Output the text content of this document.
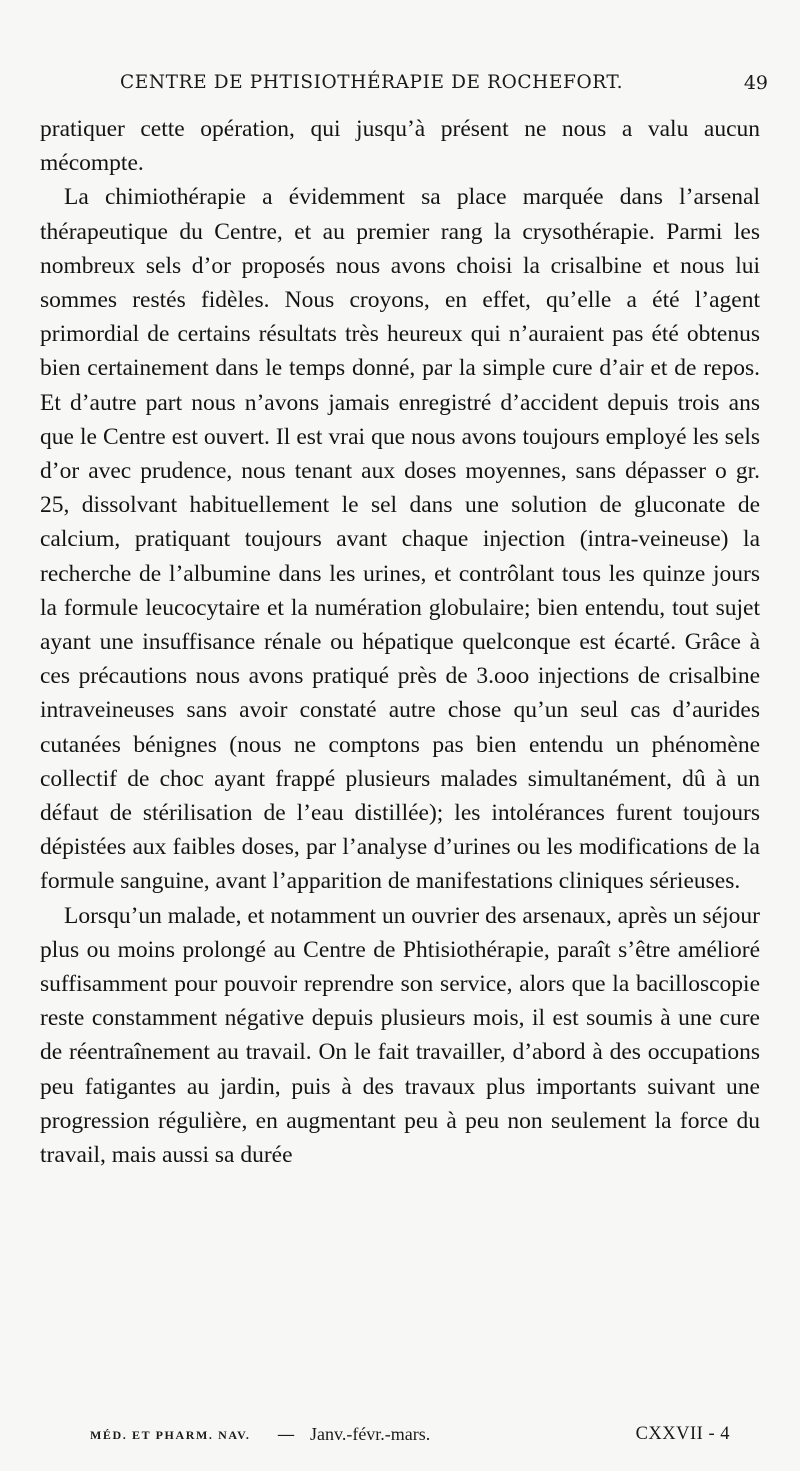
CENTRE DE PHTISIOTHÉRAPIE DE ROCHEFORT.	49

pratiquer cette opération, qui jusqu’à présent ne nous a valu aucun mécompte.

La chimiothérapie a évidemment sa place marquée dans l’arsenal thérapeutique du Centre, et au premier rang la crysothérapie. Parmi les nombreux sels d’or proposés nous avons choisi la crisalbine et nous lui sommes restés fidèles. Nous croyons, en effet, qu’elle a été l’agent primordial de certains résultats très heureux qui n’auraient pas été obtenus bien certainement dans le temps donné, par la simple cure d’air et de repos. Et d’autre part nous n’avons jamais enregistré d’accident depuis trois ans que le Centre est ouvert. Il est vrai que nous avons toujours employé les sels d’or avec prudence, nous tenant aux doses moyennes, sans dépasser o gr. 25, dissolvant habituellement le sel dans une solution de gluconate de calcium, pratiquant toujours avant chaque injection (intra-veineuse) la recherche de l’albumine dans les urines, et contrôlant tous les quinze jours la formule leucocytaire et la numération globulaire; bien entendu, tout sujet ayant une insuffisance rénale ou hépatique quelconque est écarté. Grâce à ces précautions nous avons pratiqué près de 3.ooo injections de crisalbine intraveineuses sans avoir constaté autre chose qu’un seul cas d’aurides cutanées bénignes (nous ne comptons pas bien entendu un phénomène collectif de choc ayant frappé plusieurs malades simultanément, dû à un défaut de stérilisation de l’eau distillée); les intolérances furent toujours dépistées aux faibles doses, par l’analyse d’urines ou les modifications de la formule sanguine, avant l’apparition de manifestations cliniques sérieuses.

Lorsqu’un malade, et notamment un ouvrier des arsenaux, après un séjour plus ou moins prolongé au Centre de Phtisiothérapie, paraît s’être amélioré suffisamment pour pouvoir reprendre son service, alors que la bacilloscopie reste constamment négative depuis plusieurs mois, il est soumis à une cure de réentraînement au travail. On le fait travailler, d’abord à des occupations peu fatigantes au jardin, puis à des travaux plus importants suivant une progression régulière, en augmentant peu à peu non seulement la force du travail, mais aussi sa durée

MÉD. ET PHARM. NAV. — Janv.-févr.-mars.	CXXVII - 4
